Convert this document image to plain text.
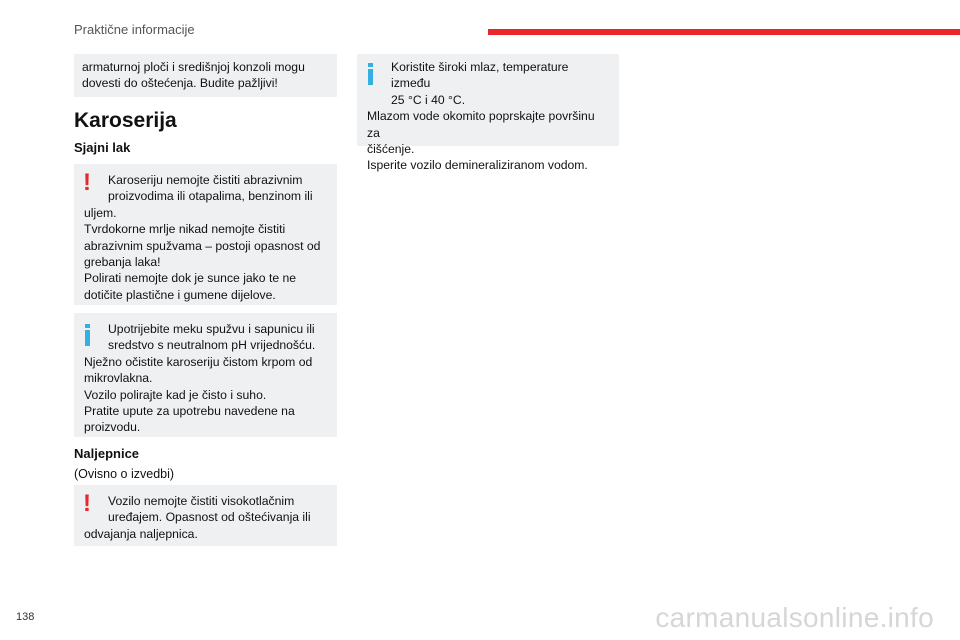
Praktične informacije

armaturnoj ploči i središnjoj konzoli mogu

dovesti do oštećenja. Budite pažljivi!

Karoserija

Sjajni lak

!	Karoseriju nemojte čistiti abrazivnim

proizvodima ili otapalima, benzinom ili

uljem.

Tvrdokorne mrlje nikad nemojte čistiti

abrazivnim spužvama – postoji opasnost od

grebanja laka!

Polirati nemojte dok je sunce jako te ne

dotičite plastične i gumene dijelove.

Upotrijebite meku spužvu i sapunicu ili

sredstvo s neutralnom pH vrijednošću.

Nježno očistite karoseriju čistom krpom od

mikrovlakna.

Vozilo polirajte kad je čisto i suho.

Pratite upute za upotrebu navedene na

proizvodu.

Naljepnice

(Ovisno o izvedbi)

!	Vozilo nemojte čistiti visokotlačnim

uređajem. Opasnost od oštećivanja ili

odvajanja naljepnica.

Koristite široki mlaz, temperature između

25 °C i 40 °C.

Mlazom vode okomito poprskajte površinu za

čišćenje.

Isperite vozilo demineraliziranom vodom.

138	carmanualsonline.info
